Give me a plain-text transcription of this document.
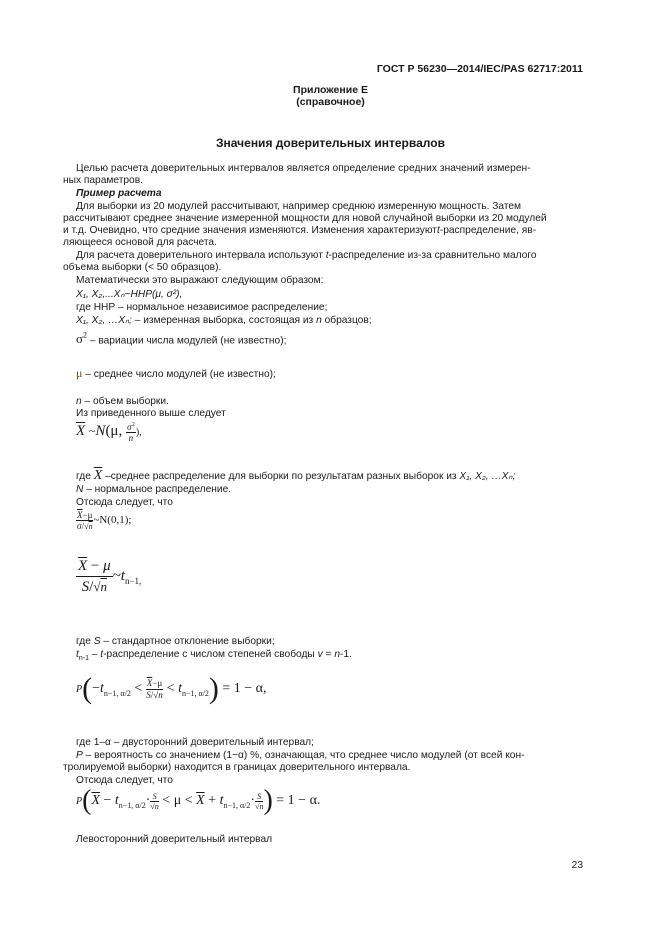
ГОСТ Р 56230—2014/IEC/PAS 62717:2011
Приложение Е
(справочное)
Значения доверительных интервалов
Целью расчета доверительных интервалов является определение средних значений измерен-
ных параметров.
Пример расчета
Для выборки из 20 модулей рассчитывают, например среднюю измеренную мощность. Затем
рассчитывают среднее значение измеренной мощности для новой случайной выборки из 20 модулей
и т.д. Очевидно, что средние значения изменяются. Изменения характеризуютt-распределение, яв-
ляющееся основой для расчета.
Для расчета доверительного интервала используют t-распределение из-за сравнительно малого
объема выборки (< 50 образцов).
Математически это выражают следующим образом:
X₁, X₂,...Xₙ~ННР(μ, σ²),
где ННР – нормальное независимое распределение;
X₁, X₂, …Xₙ; – измеренная выборка, состоящая из n образцов;
$\sigma^2$ – вариации числа модулей (не известно);
μ – среднее число модулей (не известно);
n – объем выборки.
Из приведенного выше следует
$\overline{X}$ ~N(μ, $\frac{\sigma^2}{n}$ ),
где $\overline{X}$ –среднее распределение для выборки по результатам разных выборок из X₁, X₂, …Xₙ;
N – нормальное распределение.
Отсюда следует, что
$\frac{\overline{X}-\mu}{\sigma/√n}$ ~N(0,1);
$\frac{\overline{X} - \mu}{S/√n}$ $\sim t_{n-1,}$
где S – стандартное отклонение выборки;
$t_{n-1}$ – t-распределение с числом степеней свободы v = n-1.
$P(-t_{n-1, \alpha/2} < \frac{\overline{X}-\mu}{S/√n} < t_{n-1, \alpha/2}) = 1 - \alpha$,
где 1–α – двусторонний доверительный интервал;
P – вероятность со значением (1−α) %, означающая, что среднее число модулей (от всей кон-
тролируемой выборки) находится в границах доверительного интервала.
Отсюда следует, что
$P(\overline{X} - t_{n-1, \alpha/2}\cdot \frac{S}{√n} < \mu < \overline{X} + t_{n-1, \alpha/2}\cdot \frac{S}{√n}$ ) = 1 − α.
Левосторонний доверительный интервал
23
